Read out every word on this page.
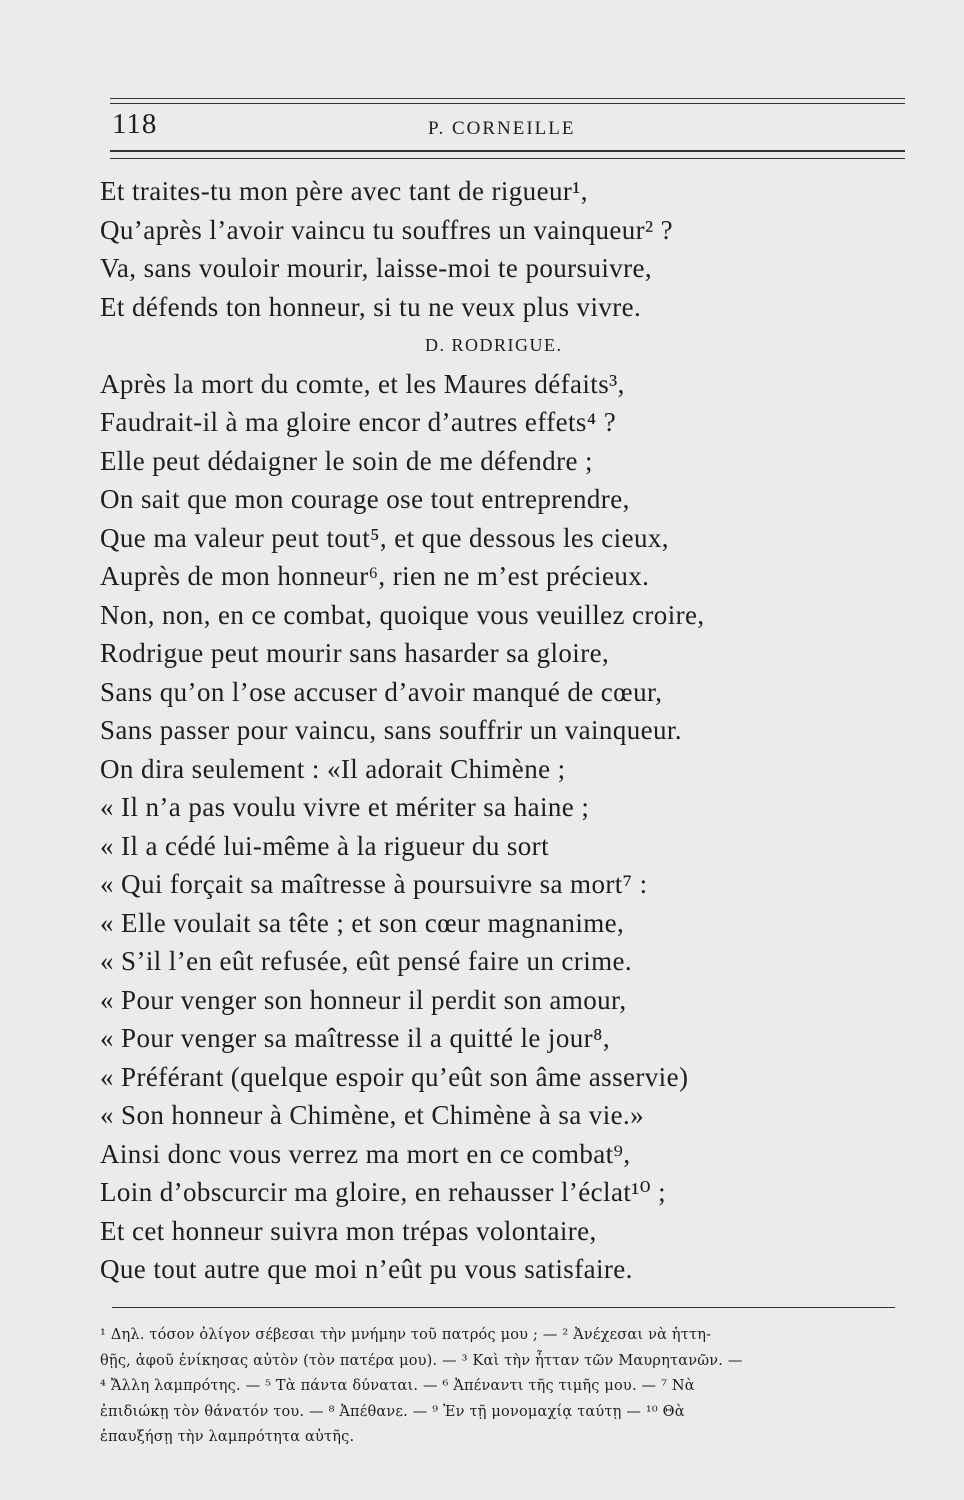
118	P. CORNEILLE
Et traites-tu mon père avec tant de rigueur¹,
Qu’après l’avoir vaincu tu souffres un vainqueur² ?
Va, sans vouloir mourir, laisse-moi te poursuivre,
Et défends ton honneur, si tu ne veux plus vivre.
D. RODRIGUE.
Après la mort du comte, et les Maures défaits³,
Faudrait-il à ma gloire encor d’autres effets⁴ ?
Elle peut dédaigner le soin de me défendre ;
On sait que mon courage ose tout entreprendre,
Que ma valeur peut tout⁵, et que dessous les cieux,
Auprès de mon honneur⁶, rien ne m’est précieux.
Non, non, en ce combat, quoique vous veuillez croire,
Rodrigue peut mourir sans hasarder sa gloire,
Sans qu’on l’ose accuser d’avoir manqué de cœur,
Sans passer pour vaincu, sans souffrir un vainqueur.
On dira seulement : «Il adorait Chimène ;
« Il n’a pas voulu vivre et mériter sa haine ;
« Il a cédé lui-même à la rigueur du sort
« Qui forçait sa maîtresse à poursuivre sa mort⁷ :
« Elle voulait sa tête ; et son cœur magnanime,
« S’il l’en eût refusée, eût pensé faire un crime.
« Pour venger son honneur il perdit son amour,
« Pour venger sa maîtresse il a quitté le jour⁸,
« Préférant (quelque espoir qu’eût son âme asservie)
« Son honneur à Chimène, et Chimène à sa vie.»
Ainsi donc vous verrez ma mort en ce combat⁹,
Loin d’obscurcir ma gloire, en rehausser l’éclat¹⁰ ;
Et cet honneur suivra mon trépas volontaire,
Que tout autre que moi n’eût pu vous satisfaire.
¹ Δηλ. τόσον ὀλίγον σέβεσαι τὴν μνήμην τοῦ πατρός μου ; — ² Ἀνέχεσαι νὰ ἡττη-
θῇς, ἀφοῦ ἐνίκησας αὐτὸν (τὸν πατέρα μου). — ³ Καὶ τὴν ἧτταν τῶν Μαυρητανῶν. —
⁴ Ἄλλη λαμπρότης. — ⁵ Τὰ πάντα δύναται. — ⁶ Ἀπέναντι τῆς τιμῆς μου. — ⁷ Νὰ
ἐπιδιώκῃ τὸν θάνατόν του. — ⁸ Ἀπέθανε. — ⁹ Ἐν τῇ μονομαχίᾳ ταύτῃ — ¹⁰ Θὰ
ἐπαυξήσῃ τὴν λαμπρότητα αὐτῆς.
